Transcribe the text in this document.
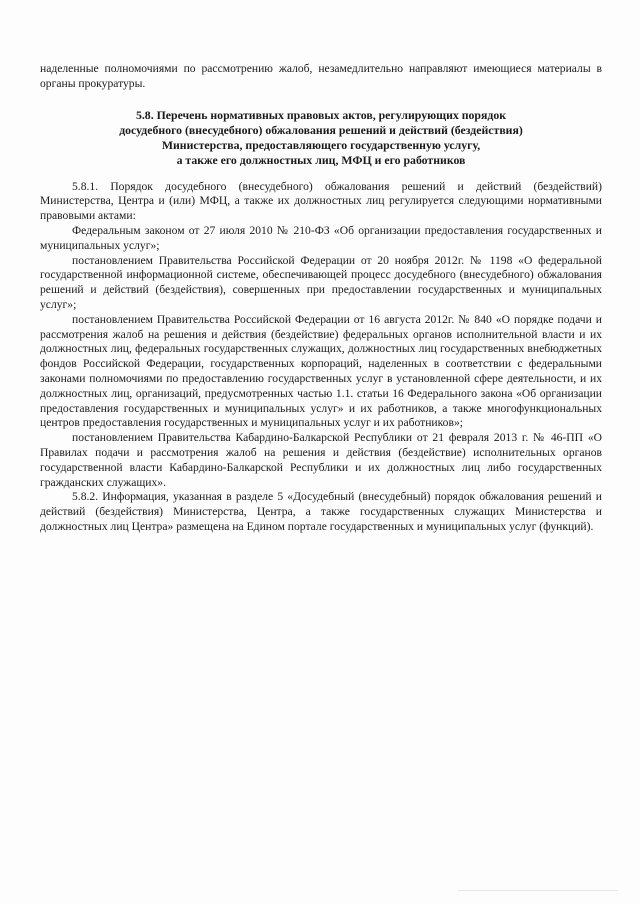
наделенные полномочиями по рассмотрению жалоб, незамедлительно направляют имеющиеся материалы в органы прокуратуры.

5.8. Перечень нормативных правовых актов, регулирующих порядок
досудебного (внесудебного) обжалования решений и действий (бездействия)
Министерства, предоставляющего государственную услугу,
а также его должностных лиц, МФЦ и его работников

5.8.1. Порядок досудебного (внесудебного) обжалования решений и действий (бездействий) Министерства, Центра и (или) МФЦ, а также их должностных лиц регулируется следующими нормативными правовыми актами:

Федеральным законом от 27 июля 2010 № 210-ФЗ «Об организации предоставления государственных и муниципальных услуг»;

постановлением Правительства Российской Федерации от 20 ноября 2012г. № 1198 «О федеральной государственной информационной системе, обеспечивающей процесс досудебного (внесудебного) обжалования решений и действий (бездействия), совершенных при предоставлении государственных и муниципальных услуг»;

постановлением Правительства Российской Федерации от 16 августа 2012г. № 840 «О порядке подачи и рассмотрения жалоб на решения и действия (бездействие) федеральных органов исполнительной власти и их должностных лиц, федеральных государственных служащих, должностных лиц государственных внебюджетных фондов Российской Федерации, государственных корпораций, наделенных в соответствии с федеральными законами полномочиями по предоставлению государственных услуг в установленной сфере деятельности, и их должностных лиц, организаций, предусмотренных частью 1.1. статьи 16 Федерального закона «Об организации предоставления государственных и муниципальных услуг» и их работников, а также многофункциональных центров предоставления государственных и муниципальных услуг и их работников»;

постановлением Правительства Кабардино-Балкарской Республики от 21 февраля 2013 г. № 46-ПП «О Правилах подачи и рассмотрения жалоб на решения и действия (бездействие) исполнительных органов государственной власти Кабардино-Балкарской Республики и их должностных лиц либо государственных гражданских служащих».

5.8.2. Информация, указанная в разделе 5 «Досудебный (внесудебный) порядок обжалования решений и действий (бездействия) Министерства, Центра, а также государственных служащих Министерства и должностных лиц Центра» размещена на Едином портале государственных и муниципальных услуг (функций).
